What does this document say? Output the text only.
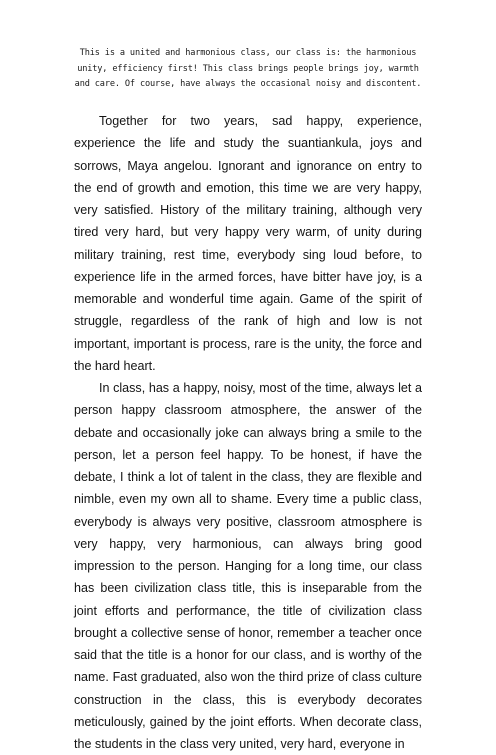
This is a united and harmonious class, our class is: the harmonious unity, efficiency first! This class brings people brings joy, warmth and care. Of course, have always the occasional noisy and discontent.

Together for two years, sad happy, experience, experience the life and study the suantiankula, joys and sorrows, Maya angelou. Ignorant and ignorance on entry to the end of growth and emotion, this time we are very happy, very satisfied. History of the military training, although very tired very hard, but very happy very warm, of unity during military training, rest time, everybody sing loud before, to experience life in the armed forces, have bitter have joy, is a memorable and wonderful time again. Game of the spirit of struggle, regardless of the rank of high and low is not important, important is process, rare is the unity, the force and the hard heart.

In class, has a happy, noisy, most of the time, always let a person happy classroom atmosphere, the answer of the debate and occasionally joke can always bring a smile to the person, let a person feel happy. To be honest, if have the debate, I think a lot of talent in the class, they are flexible and nimble, even my own all to shame. Every time a public class, everybody is always very positive, classroom atmosphere is very happy, very harmonious, can always bring good impression to the person. Hanging for a long time, our class has been civilization class title, this is inseparable from the joint efforts and performance, the title of civilization class brought a collective sense of honor, remember a teacher once said that the title is a honor for our class, and is worthy of the name. Fast graduated, also won the third prize of class culture construction in the class, this is everybody decorates meticulously, gained by the joint efforts. When decorate class, the students in the class very united, very hard, everyone in
